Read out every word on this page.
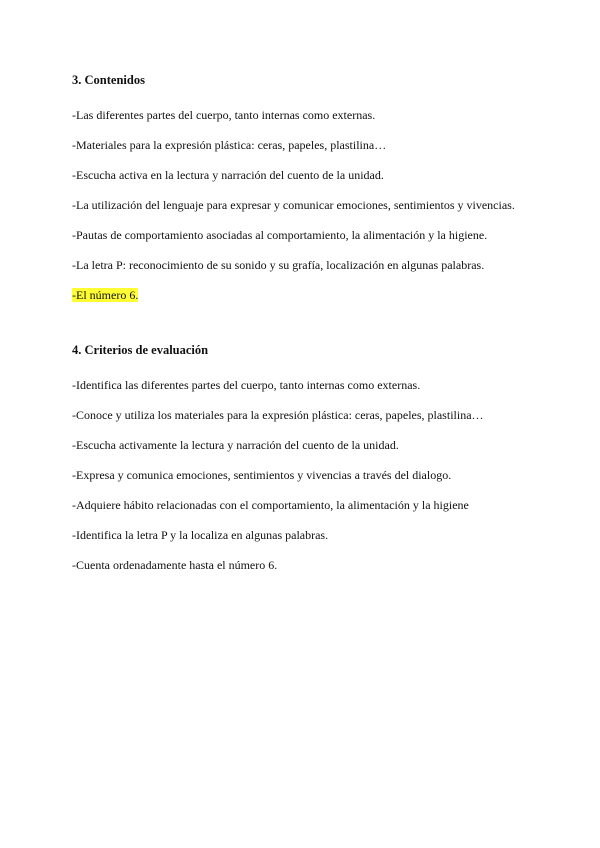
3. Contenidos

-Las diferentes partes del cuerpo, tanto internas como externas.

-Materiales para la expresión plástica: ceras, papeles, plastilina…

-Escucha activa en la lectura y narración del cuento de la unidad.

-La utilización del lenguaje para expresar y comunicar emociones, sentimientos y vivencias.

-Pautas de comportamiento asociadas al comportamiento, la alimentación y la higiene.

-La letra P: reconocimiento de su sonido y su grafía, localización en algunas palabras.

-El número 6.

4. Criterios de evaluación

-Identifica las diferentes partes del cuerpo, tanto internas como externas.

-Conoce y utiliza los materiales para la expresión plástica: ceras, papeles, plastilina…

-Escucha activamente la lectura y narración del cuento de la unidad.

-Expresa y comunica emociones, sentimientos y vivencias a través del dialogo.

-Adquiere hábito relacionadas con el comportamiento, la alimentación y la higiene

-Identifica la letra P y la localiza en algunas palabras.

-Cuenta ordenadamente hasta el número 6.
